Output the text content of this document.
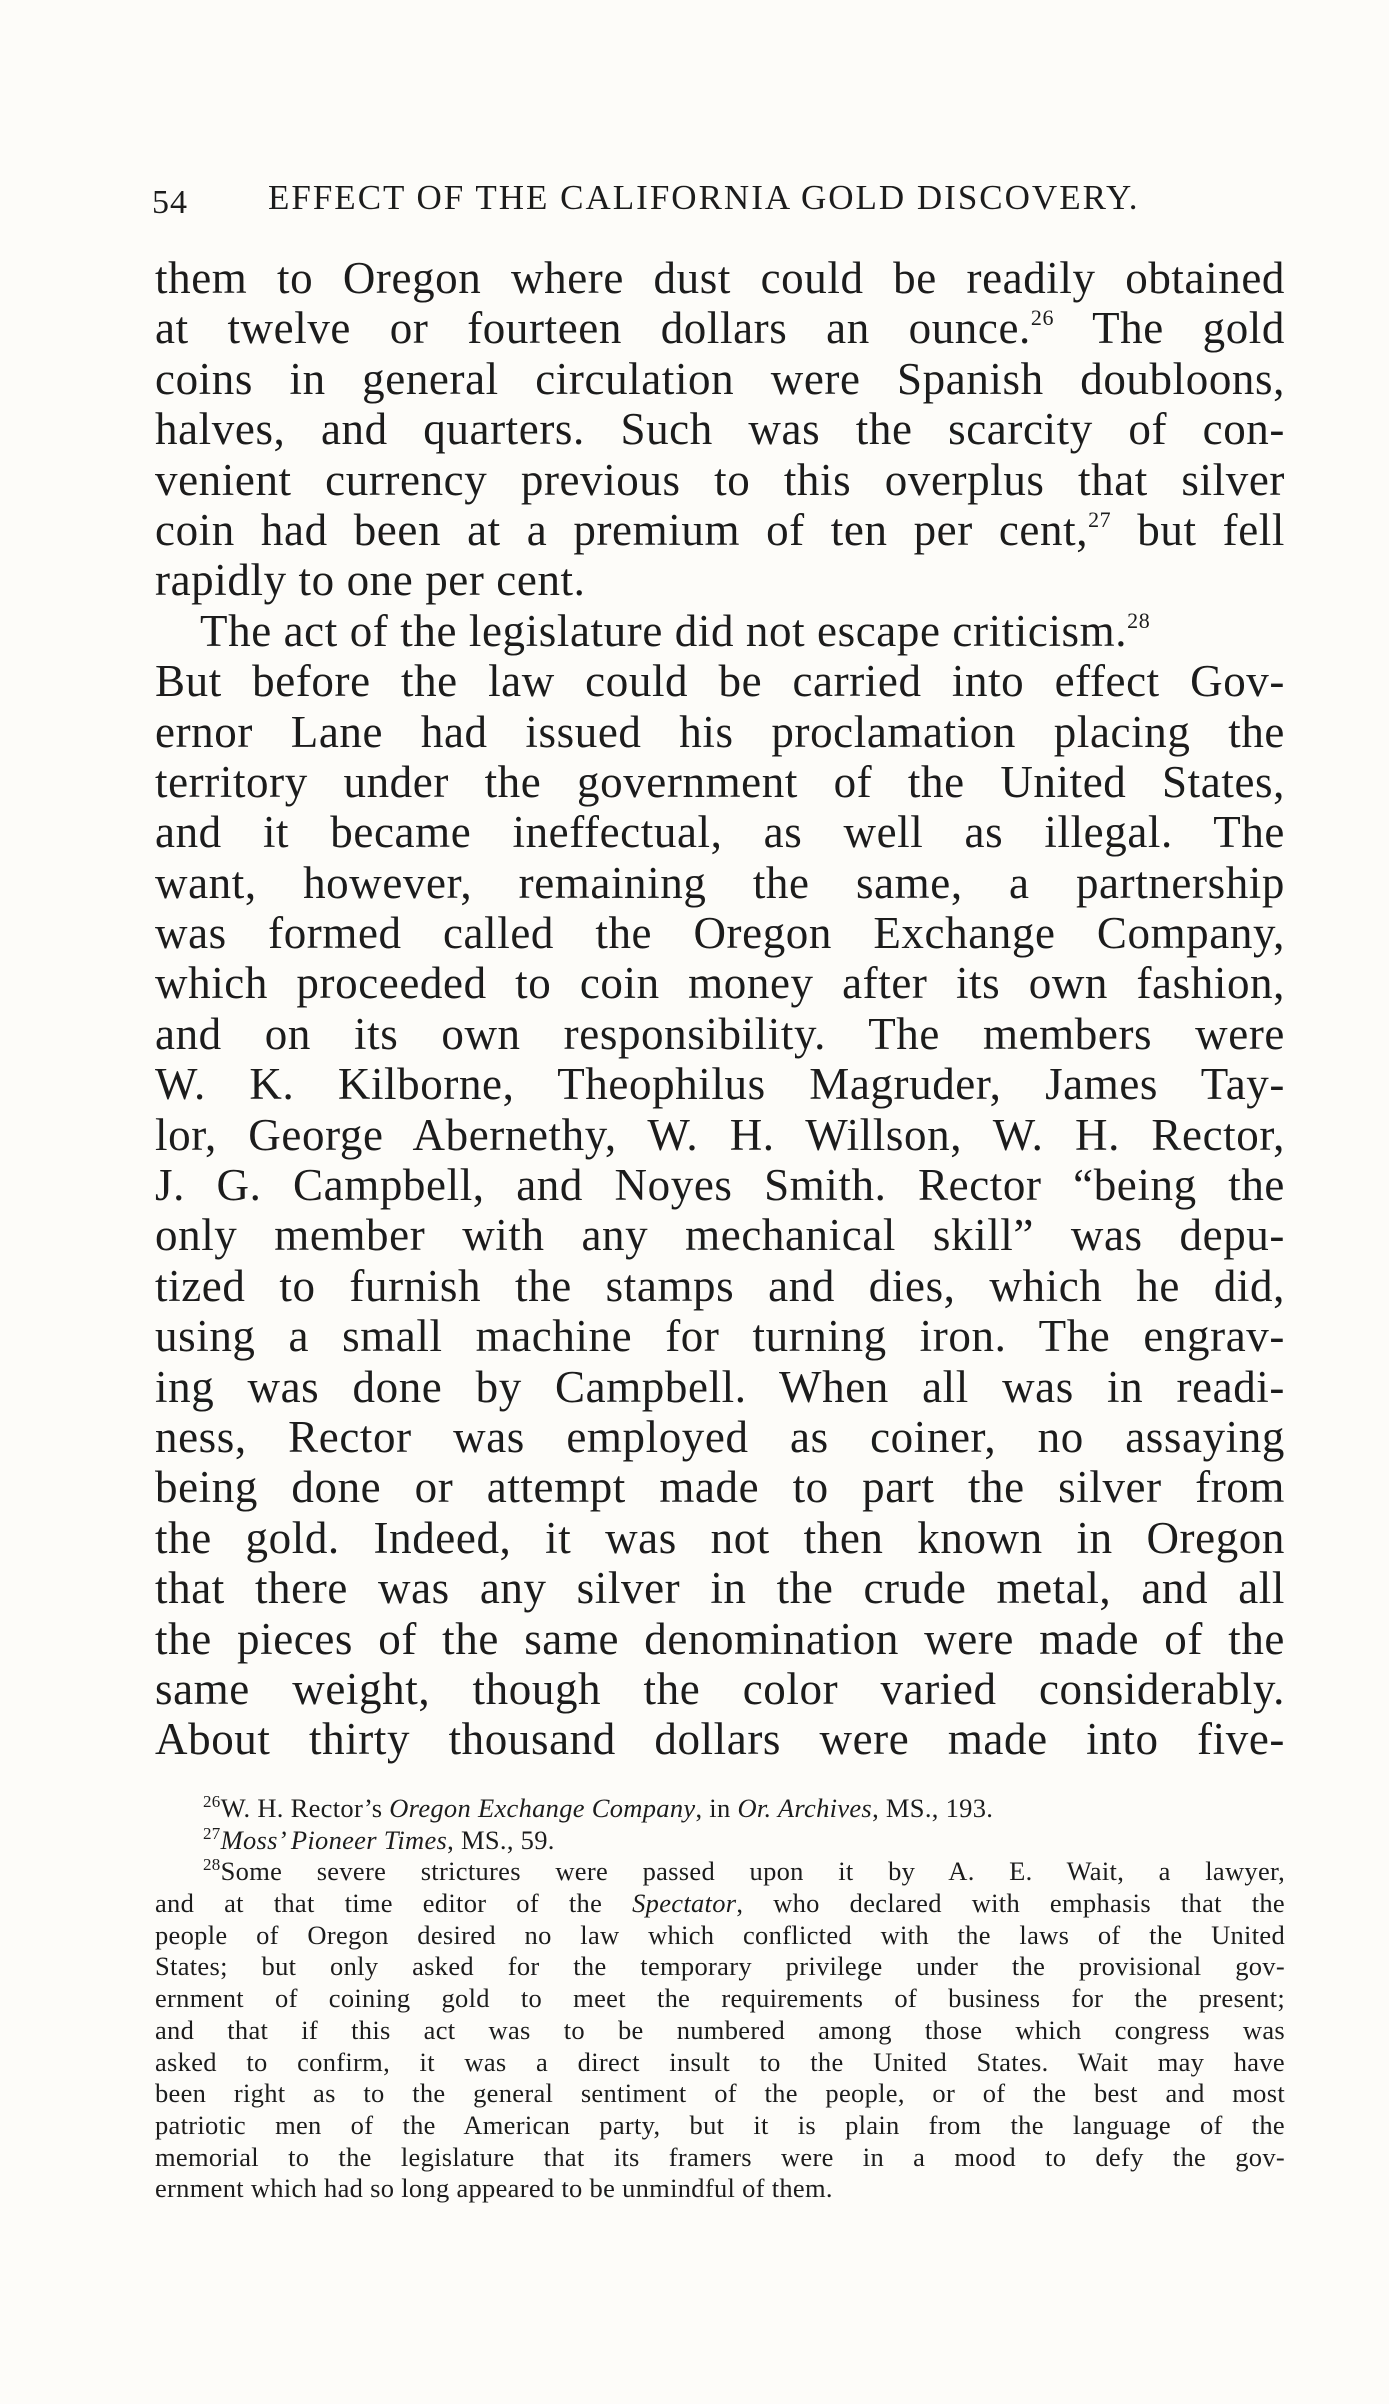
54 EFFECT OF THE CALIFORNIA GOLD DISCOVERY.
them to Oregon where dust could be readily obtained
at twelve or fourteen dollars an ounce.$^{26}$ The gold
coins in general circulation were Spanish doubloons,
halves, and quarters. Such was the scarcity of con-
venient currency previous to this overplus that silver
coin had been at a premium of ten per cent,$^{27}$ but fell
rapidly to one per cent.
The act of the legislature did not escape criticism.$^{28}$
But before the law could be carried into effect Gov-
ernor Lane had issued his proclamation placing the
territory under the government of the United States,
and it became ineffectual, as well as illegal. The
want, however, remaining the same, a partnership
was formed called the Oregon Exchange Company,
which proceeded to coin money after its own fashion,
and on its own responsibility. The members were
W. K. Kilborne, Theophilus Magruder, James Tay-
lor, George Abernethy, W. H. Willson, W. H. Rector,
J. G. Campbell, and Noyes Smith. Rector “being the
only member with any mechanical skill” was depu-
tized to furnish the stamps and dies, which he did,
using a small machine for turning iron. The engrav-
ing was done by Campbell. When all was in readi-
ness, Rector was employed as coiner, no assaying
being done or attempt made to part the silver from
the gold. Indeed, it was not then known in Oregon
that there was any silver in the crude metal, and all
the pieces of the same denomination were made of the
same weight, though the color varied considerably.
About thirty thousand dollars were made into five-
$^{26}$W. H. Rector’s Oregon Exchange Company, in Or. Archives, MS., 193.
$^{27}$Moss’ Pioneer Times, MS., 59.
$^{28}$Some severe strictures were passed upon it by A. E. Wait, a lawyer,
and at that time editor of the Spectator, who declared with emphasis that the
people of Oregon desired no law which conflicted with the laws of the United
States; but only asked for the temporary privilege under the provisional gov-
ernment of coining gold to meet the requirements of business for the present;
and that if this act was to be numbered among those which congress was
asked to confirm, it was a direct insult to the United States. Wait may have
been right as to the general sentiment of the people, or of the best and most
patriotic men of the American party, but it is plain from the language of the
memorial to the legislature that its framers were in a mood to defy the gov-
ernment which had so long appeared to be unmindful of them.
